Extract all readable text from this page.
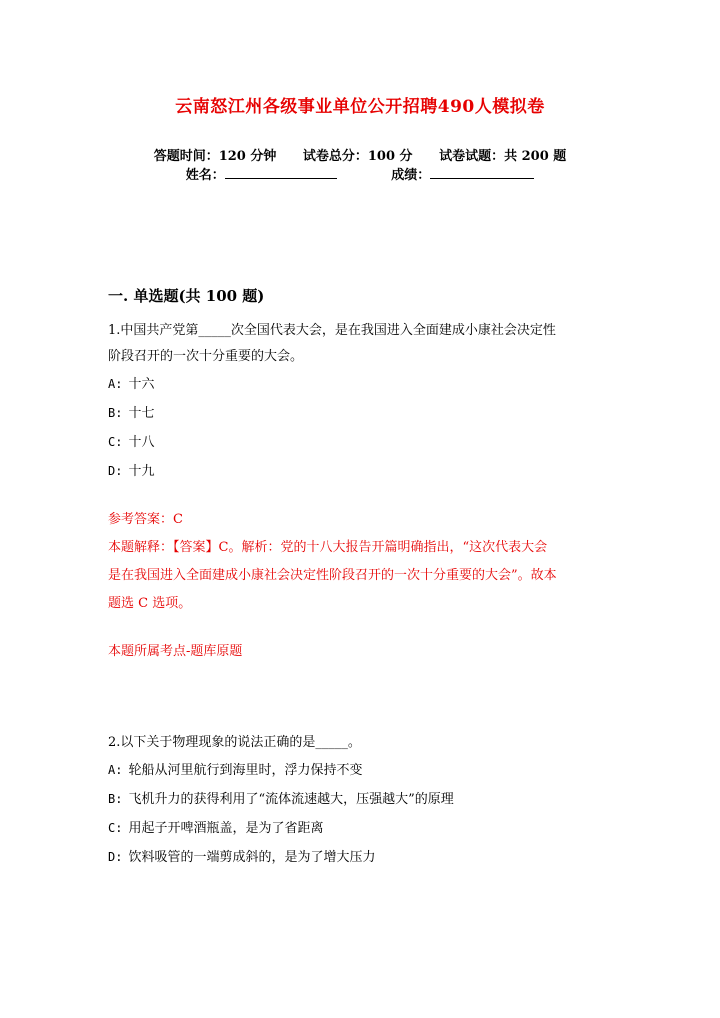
云南怒江州各级事业单位公开招聘490人模拟卷
答题时间：120 分钟 试卷总分：100 分 试卷试题：共 200 题
姓名：	成绩：
一. 单选题(共 100 题)

1.中国共产党第_____次全国代表大会，是在我国进入全面建成小康社会决定性

阶段召开的一次十分重要的大会。

A: 十六

B: 十七

C: 十八

D: 十九

参考答案：C

本题解释：【答案】C。解析：党的十八大报告开篇明确指出，“这次代表大会

是在我国进入全面建成小康社会决定性阶段召开的一次十分重要的大会”。故本

题选 C 选项。

本题所属考点-题库原题

2.以下关于物理现象的说法正确的是_____。

A: 轮船从河里航行到海里时，浮力保持不变

B: 飞机升力的获得利用了“流体流速越大，压强越大”的原理

C: 用起子开啤酒瓶盖，是为了省距离

D: 饮料吸管的一端剪成斜的，是为了增大压力
